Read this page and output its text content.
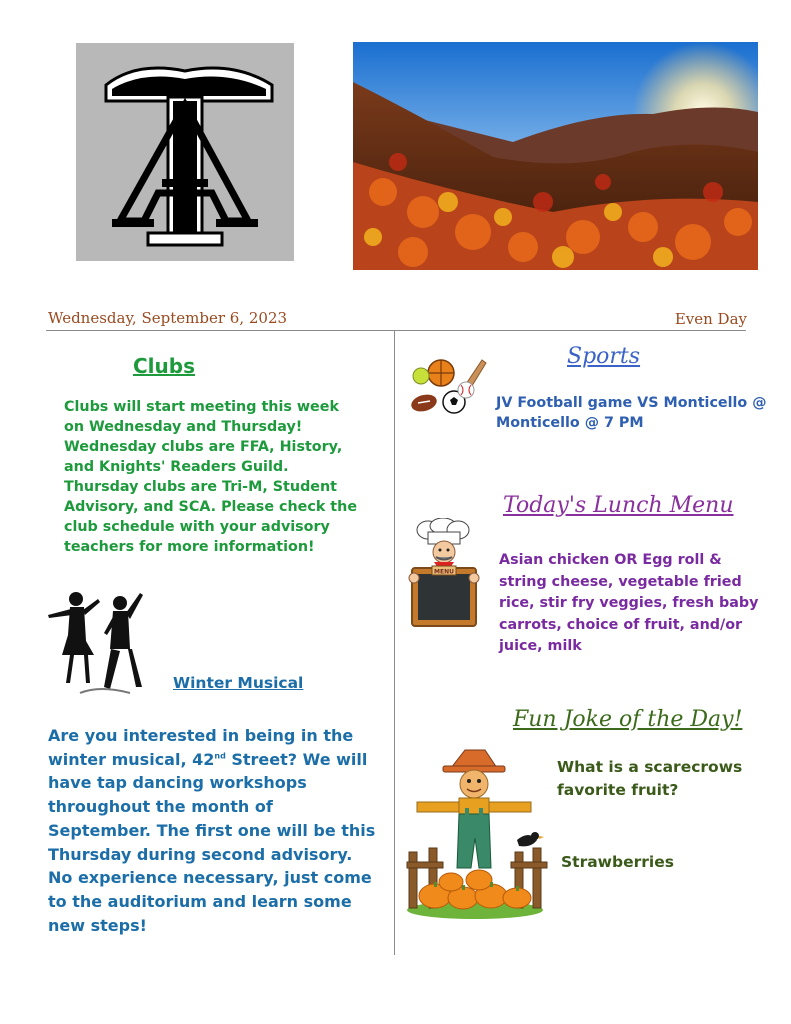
Wednesday, September 6, 2023	Even Day
Clubs
Clubs will start meeting this week
on Wednesday and Thursday!
Wednesday clubs are FFA, History,
and Knights' Readers Guild.
Thursday clubs are Tri-M, Student
Advisory, and SCA. Please check the
club schedule with your advisory
teachers for more information!
Winter Musical
Are you interested in being in the winter musical, 42nd Street? We will have tap dancing workshops throughout the month of September. The first one will be this Thursday during second advisory. No experience necessary, just come to the auditorium and learn some new steps!
Sports
JV Football game VS Monticello @
Monticello @ 7 PM
Today's Lunch Menu
MENU
Asian chicken OR Egg roll & string cheese, vegetable fried rice, stir fry veggies, fresh baby carrots, choice of fruit, and/or juice, milk
Fun Joke of the Day!
What is a scarecrows favorite fruit?
Strawberries
